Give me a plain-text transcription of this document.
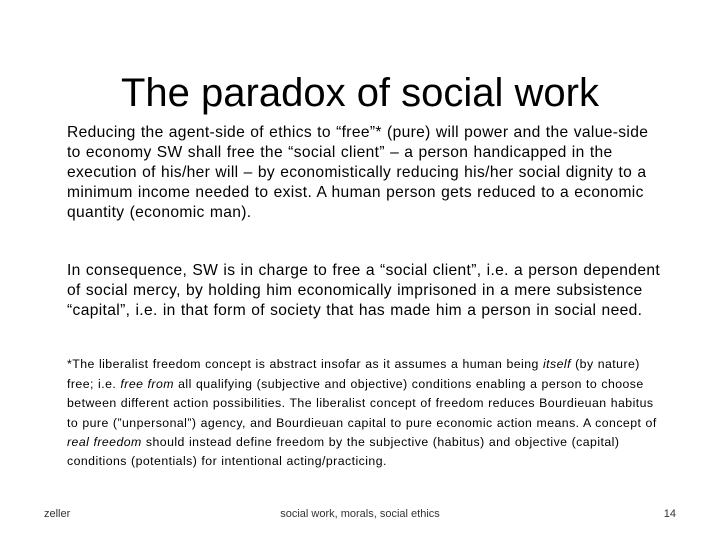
The paradox of social work

Reducing the agent-side of ethics to “free”* (pure) will power and the value-side to economy SW shall free the “social client” – a person handicapped in the execution of his/her will – by economistically reducing his/her social dignity to a minimum income needed to exist. A human person gets reduced to a economic quantity (economic man).

In consequence, SW is in charge to free a “social client”, i.e. a person dependent of social mercy, by holding him economically imprisoned in a mere subsistence “capital”, i.e. in that form of society that has made him a person in social need.

*The liberalist freedom concept is abstract insofar as it assumes a human being itself (by nature) free; i.e. free from all qualifying (subjective and objective) conditions enabling a person to choose between different action possibilities. The liberalist concept of freedom reduces Bourdieuan habitus to pure (”unpersonal”) agency, and Bourdieuan capital to pure economic action means. A concept of real freedom should instead define freedom by the subjective (habitus) and objective (capital) conditions (potentials) for intentional acting/practicing.

zeller	social work, morals, social ethics	14
